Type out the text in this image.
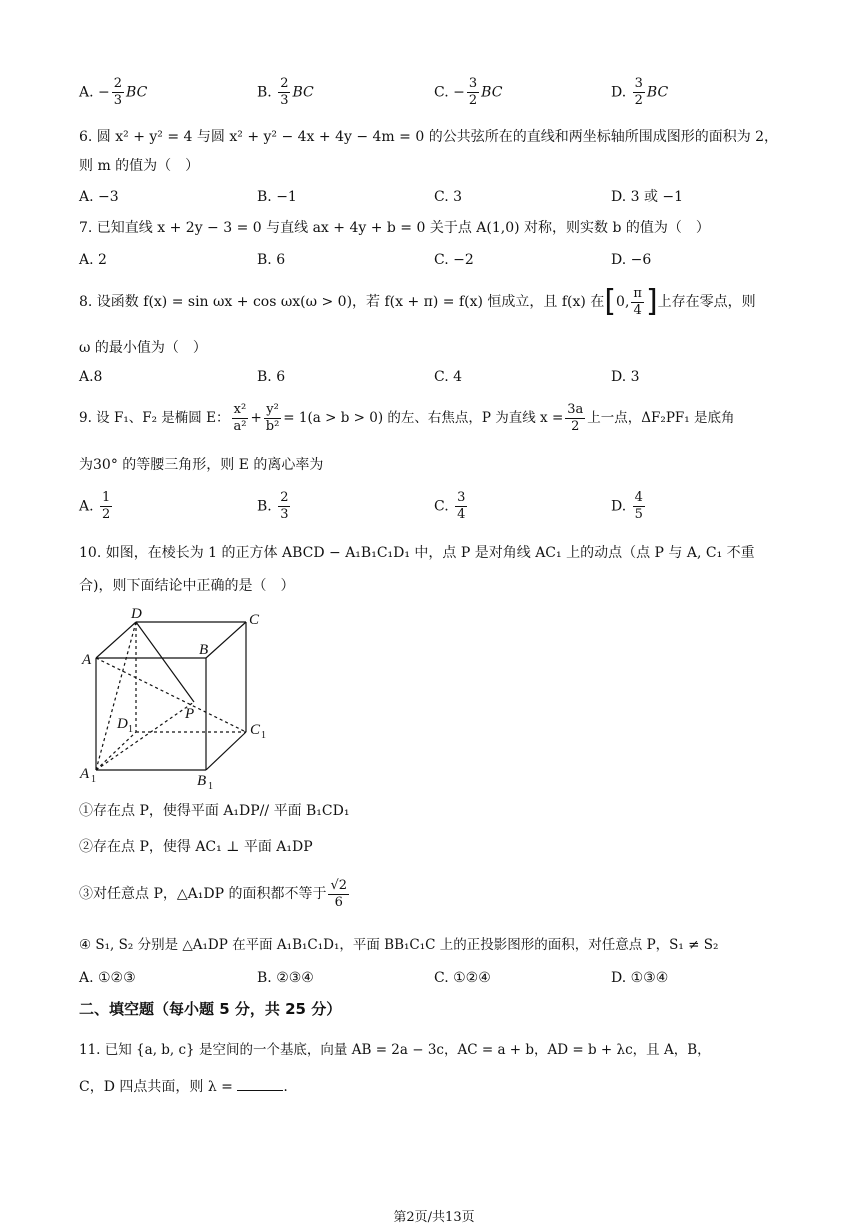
A. − $\frac{2}{3}$ BC	B. $\frac{2}{3}$ BC	C. − $\frac{3}{2}$ BC	D. $\frac{3}{2}$ BC
6. 圆 x² + y² = 4 与圆 x² + y² − 4x + 4y − 4m = 0 的公共弦所在的直线和两坐标轴所围成图形的面积为 2，
则 m 的值为（　）
A. −3	B. −1	C. 3	D. 3 或 −1
7. 已知直线 x + 2y − 3 = 0 与直线 ax + 4y + b = 0 关于点 A(1,0) 对称，则实数 b 的值为（　）
A. 2	B. 6	C. −2	D. −6
8. 设函数 f(x) = sin ωx + cos ωx(ω > 0)，若 f(x + π) = f(x) 恒成立，且 f(x) 在[0, $\frac{\pi}{4}$ ]上存在零点，则
ω 的最小值为（　）
A.8	B. 6	C. 4	D. 3
9. 设 F₁、F₂ 是椭圆 E： $\frac{\text{x²}}{\text{a²}} + \frac{\text{y²}}{\text{b²}} = 1(a > b > 0)$ 的左、右焦点，P 为直线 $x = \frac{3a}{2}$ 上一点，ΔF₂PF₁ 是底角
为30° 的等腰三角形，则 E 的离心率为
A. $\frac{1}{2}$	B. $\frac{2}{3}$	C. $\frac{3}{4}$	D. $\frac{4}{5}$
10. 如图，在棱长为 1 的正方体 ABCD − A₁B₁C₁D₁ 中，点 P 是对角线 AC₁ 上的动点（点 P 与 A, C₁ 不重
合)，则下面结论中正确的是（　）
D	C
A
B
P
D 1	C 1
A 1	B 1
①存在点 P，使得平面 A₁DP// 平面 B₁CD₁
②存在点 P，使得 AC₁ ⊥ 平面 A₁DP
③对任意点 P，△A₁DP 的面积都不等于 $\frac{√2}{6}$
④ S₁, S₂ 分别是 △A₁DP 在平面 A₁B₁C₁D₁，平面 BB₁C₁C 上的正投影图形的面积，对任意点 P，S₁ ≠ S₂
A. ①②③	B. ②③④	C. ①②④	D. ①③④
二、填空题（每小题 5 分，共 25 分）
11. 已知 {a, b, c} 是空间的一个基底，向量 AB = 2a − 3c，AC = a + b，AD = b + λc，且 A，B，
C，D 四点共面，则 λ =	.
第2页/共13页
